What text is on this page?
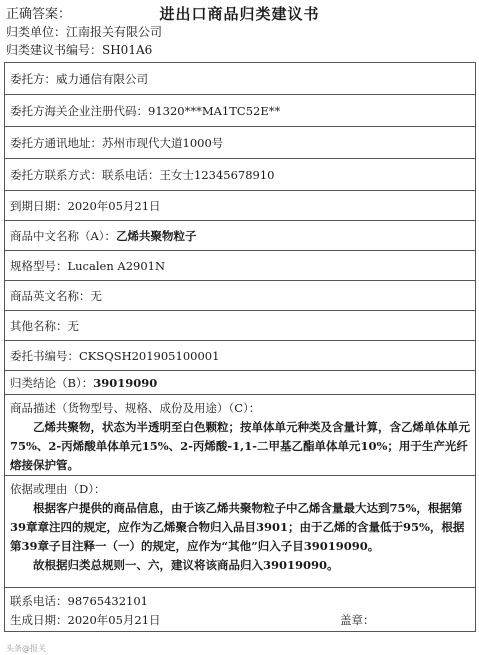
正确答案：	进出口商品归类建议书
归类单位：江南报关有限公司
归类建议书编号：SH01A6
委托方：威力通信有限公司
委托方海关企业注册代码：91320***MA1TC52E**
委托方通讯地址：苏州市现代大道1000号
委托方联系方式：联系电话：王女士12345678910
到期日期：2020年05月21日
商品中文名称（A）：乙烯共聚物粒子
规格型号：Lucalen A2901N
商品英文名称：无
其他名称：无
委托书编号：CKSQSH201905100001
归类结论（B）：39019090

商品描述（货物型号、规格、成份及用途）（C）：

乙烯共聚物，状态为半透明至白色颗粒；按单体单元种类及含量计算，含乙烯单体单元75%、2-丙烯酸单体单元15%、2-丙烯酸-1,1-二甲基乙酯单体单元10%；用于生产光纤熔接保护管。

依据或理由（D）：

根据客户提供的商品信息，由于该乙烯共聚物粒子中乙烯含量最大达到75%，根据第39章章注四的规定，应作为乙烯聚合物归入品目3901；由于乙烯的含量低于95%，根据第39章子目注释一（一）的规定，应作为“其他”归入子目39019090。

故根据归类总规则一、六，建议将该商品归入39019090。

联系电话：98765432101
生成日期：2020年05月21日	盖章：
头条@报关
